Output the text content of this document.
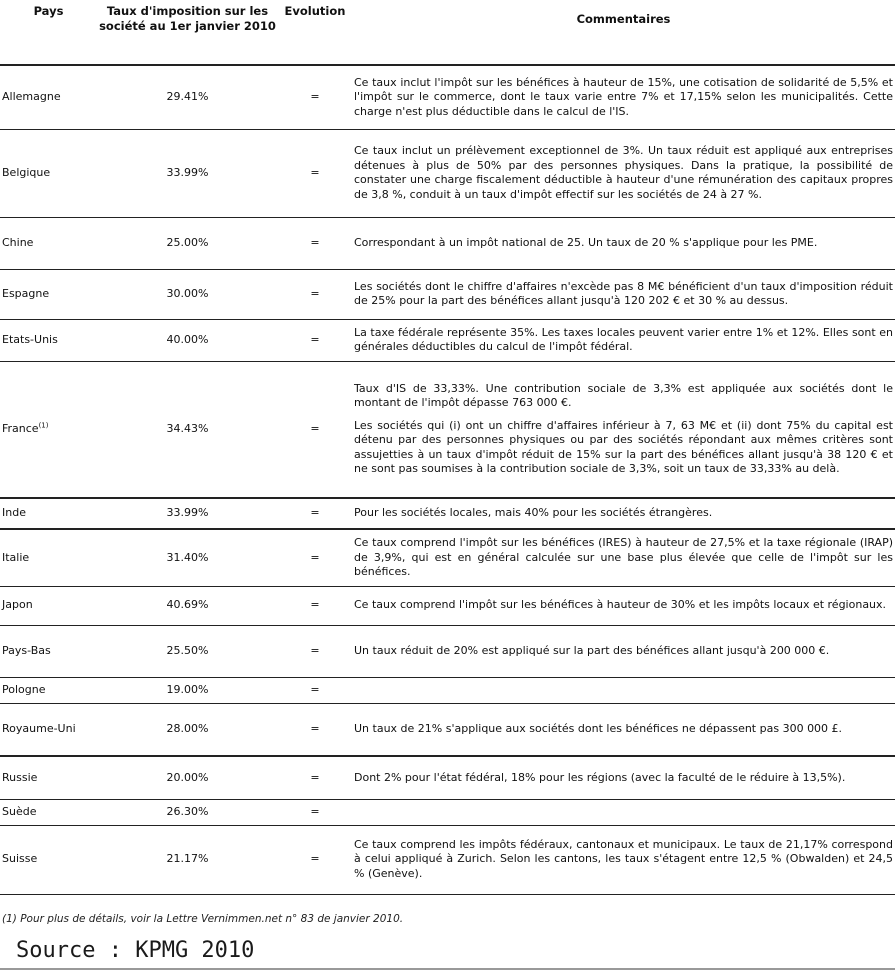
Pays	Taux d'imposition sur les société au 1er janvier 2010	Evolution	Commentaires
Allemagne	29.41%	=	Ce taux inclut l'impôt sur les bénéfices à hauteur de 15%, une cotisation de solidarité de 5,5% et l'impôt sur le commerce, dont le taux varie entre 7% et 17,15% selon les municipalités. Cette charge n'est plus déductible dans le calcul de l'IS.

Belgique	33.99%	=	Ce taux inclut un prélèvement exceptionnel de 3%. Un taux réduit est appliqué aux entreprises détenues à plus de 50% par des personnes physiques. Dans la pratique, la possibilité de constater une charge fiscalement déductible à hauteur d'une rémunération des capitaux propres de 3,8 %, conduit à un taux d'impôt effectif sur les sociétés de 24 à 27 %.

Chine	25.00%	=	Correspondant à un impôt national de 25. Un taux de 20 % s'applique pour les PME.

Espagne	30.00%	=	Les sociétés dont le chiffre d'affaires n'excède pas 8 M€ bénéficient d'un taux d'imposition réduit de 25% pour la part des bénéfices allant jusqu'à 120 202 € et 30 % au dessus.

Etats-Unis	40.00%	=	La taxe fédérale représente 35%. Les taxes locales peuvent varier entre 1% et 12%. Elles sont en générales déductibles du calcul de l'impôt fédéral.

France$^{(1)}$	34.43%	=	Taux d'IS de 33,33%. Une contribution sociale de 3,3% est appliquée aux sociétés dont le montant de l'impôt dépasse 763 000 €.

Les sociétés qui (i) ont un chiffre d'affaires inférieur à 7, 63 M€ et (ii) dont 75% du capital est détenu par des personnes physiques ou par des sociétés répondant aux mêmes critères sont assujetties à un taux d'impôt réduit de 15% sur la part des bénéfices allant jusqu'à 38 120 € et ne sont pas soumises à la contribution sociale de 3,3%, soit un taux de 33,33% au delà.

Inde	33.99%	=	Pour les sociétés locales, mais 40% pour les sociétés étrangères.

Italie	31.40%	=	Ce taux comprend l'impôt sur les bénéfices (IRES) à hauteur de 27,5% et la taxe régionale (IRAP) de 3,9%, qui est en général calculée sur une base plus élevée que celle de l'impôt sur les bénéfices.

Japon	40.69%	=	Ce taux comprend l'impôt sur les bénéfices à hauteur de 30% et les impôts locaux et régionaux.

Pays-Bas	25.50%	=	Un taux réduit de 20% est appliqué sur la part des bénéfices allant jusqu'à 200 000 €.

Pologne	19.00%	=	
Royaume-Uni	28.00%	=	Un taux de 21% s'applique aux sociétés dont les bénéfices ne dépassent pas 300 000 £.

Russie	20.00%	=	Dont 2% pour l'état fédéral, 18% pour les régions (avec la faculté de le réduire à 13,5%).

Suède	26.30%	=	
Suisse	21.17%	=	Ce taux comprend les impôts fédéraux, cantonaux et municipaux. Le taux de 21,17% correspond à celui appliqué à Zurich. Selon les cantons, les taux s'étagent entre 12,5 % (Obwalden) et 24,5 % (Genève).

(1) Pour plus de détails, voir la Lettre Vernimmen.net n° 83 de janvier 2010.
Source : KPMG 2010
